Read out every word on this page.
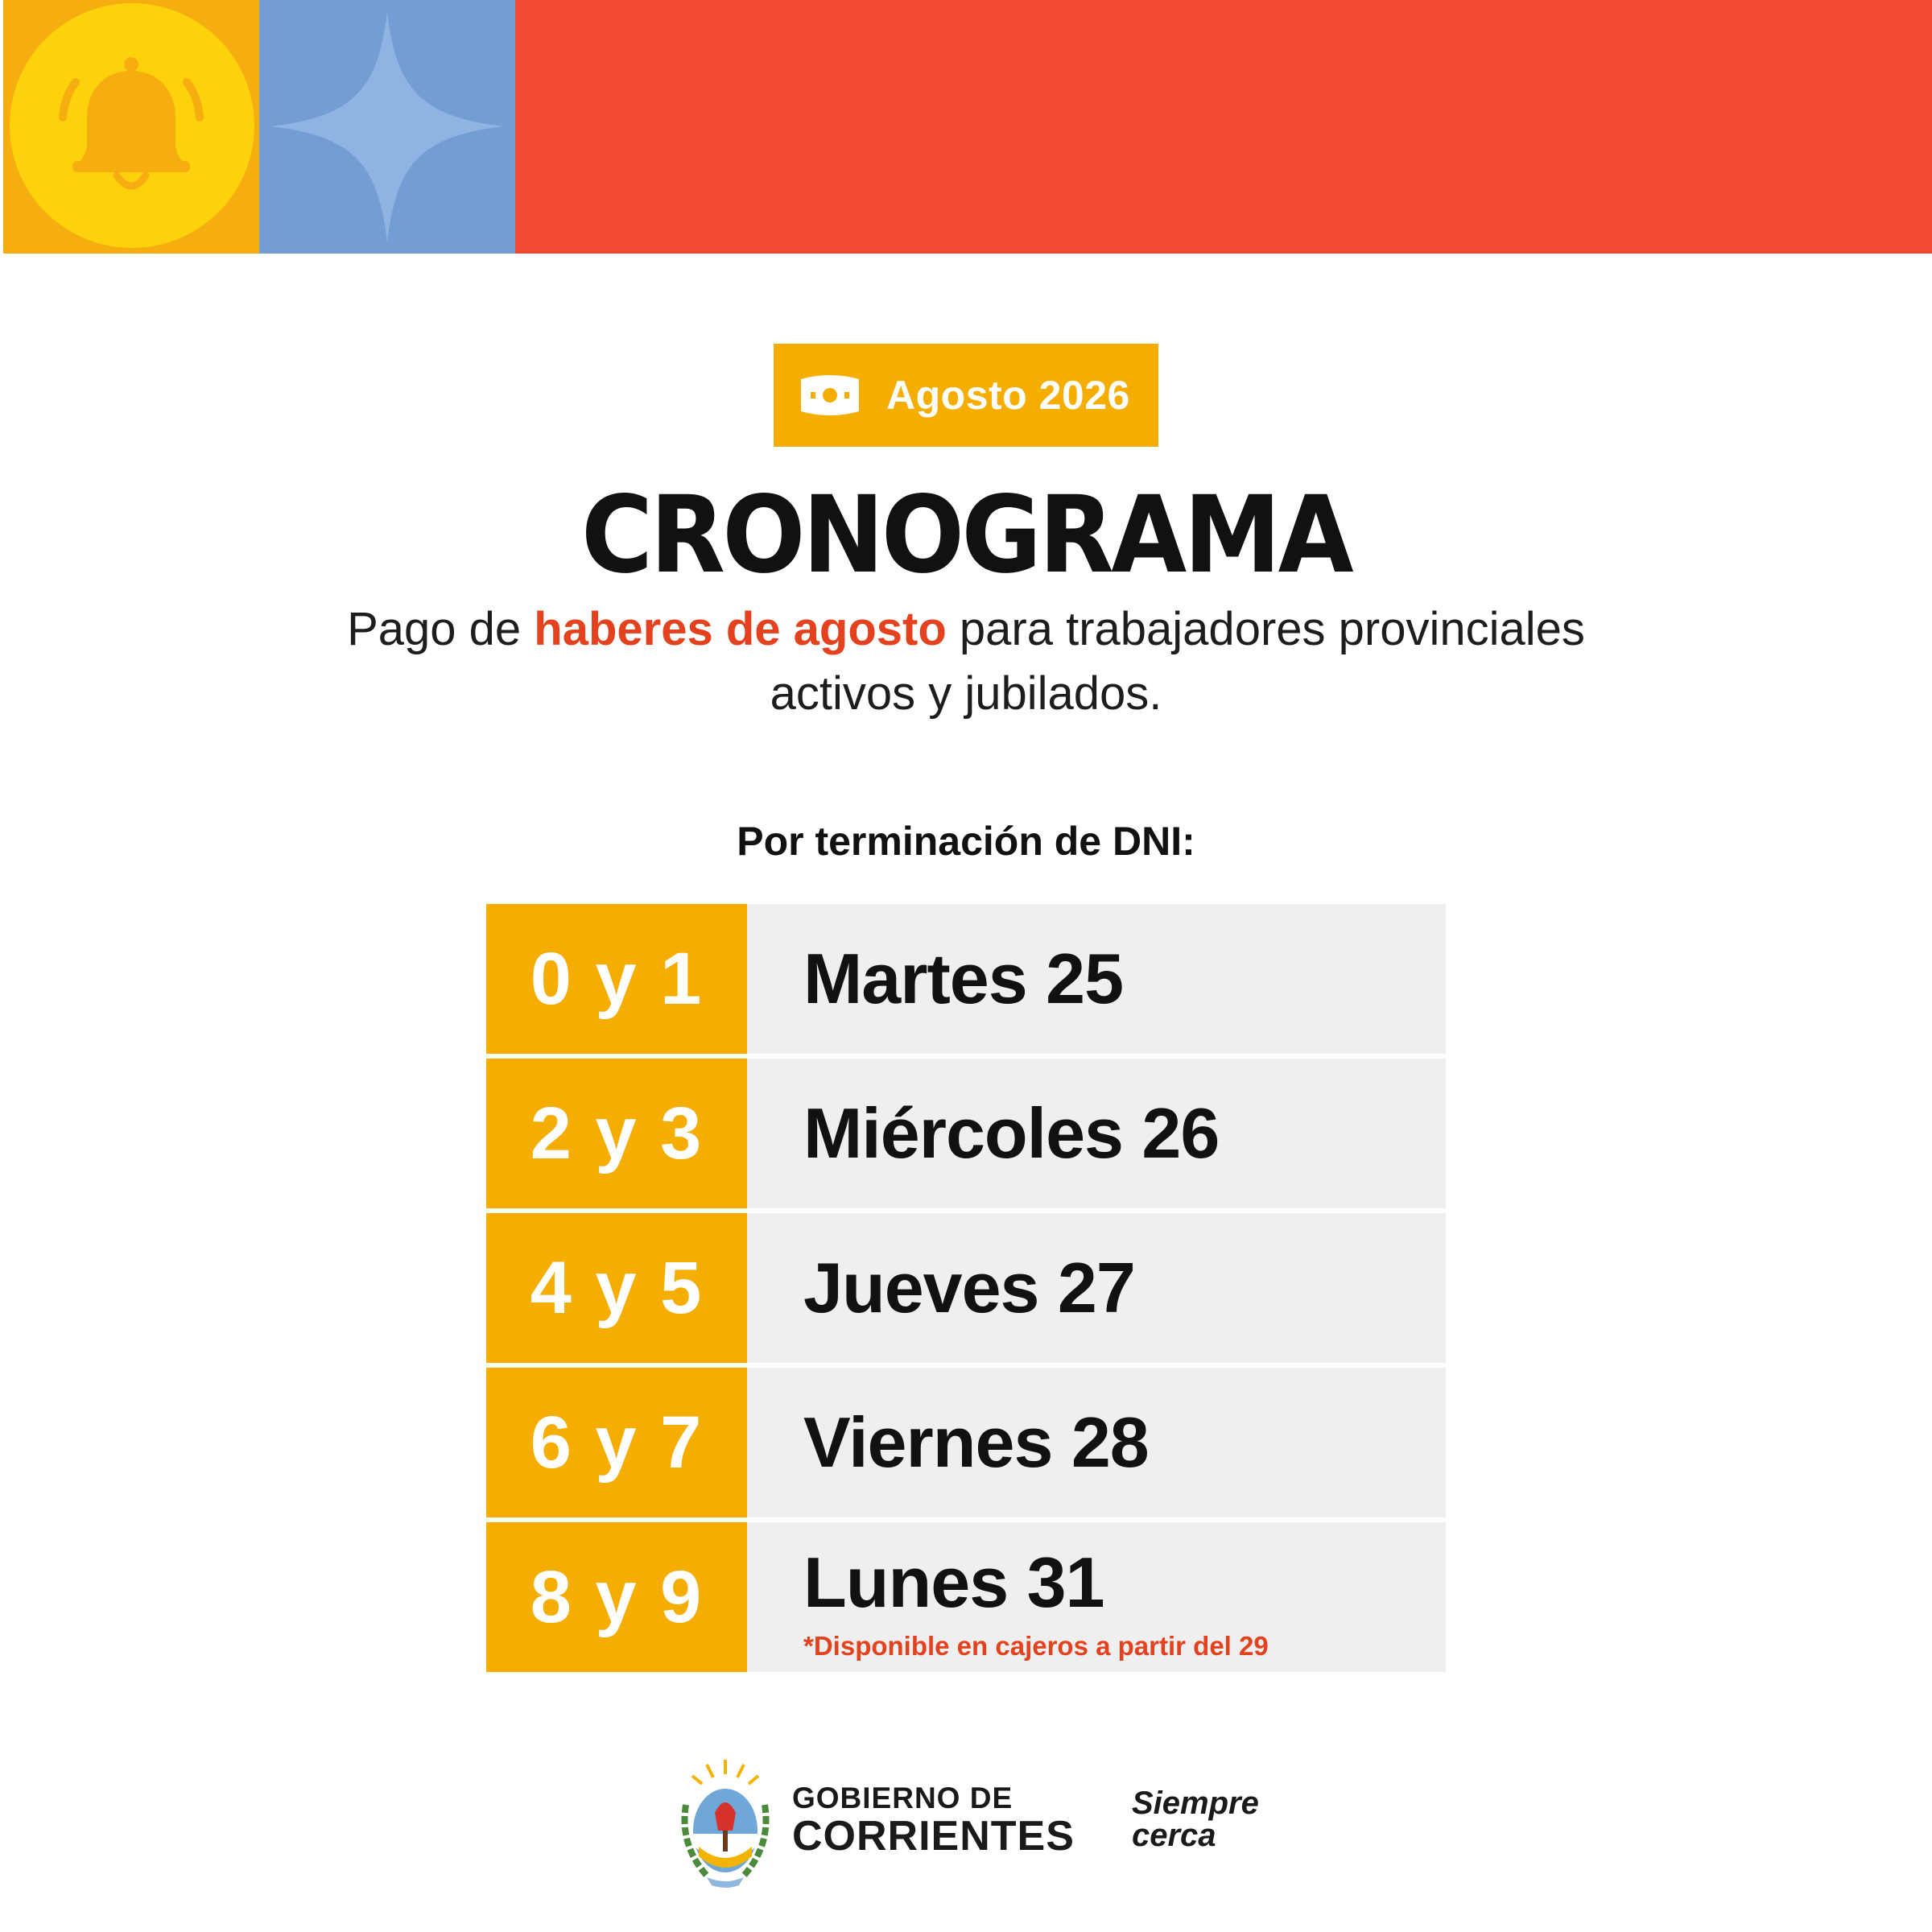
Agosto 2026
CRONOGRAMA
Pago de haberes de agosto para trabajadores provinciales activos y jubilados.
Por terminación de DNI:
0 y 1	Martes 25
2 y 3	Miércoles 26
4 y 5	Jueves 27
6 y 7	Viernes 28
8 y 9	Lunes 31
*Disponible en cajeros a partir del 29
GOBIERNO DE
CORRIENTES
Siempre
cerca
